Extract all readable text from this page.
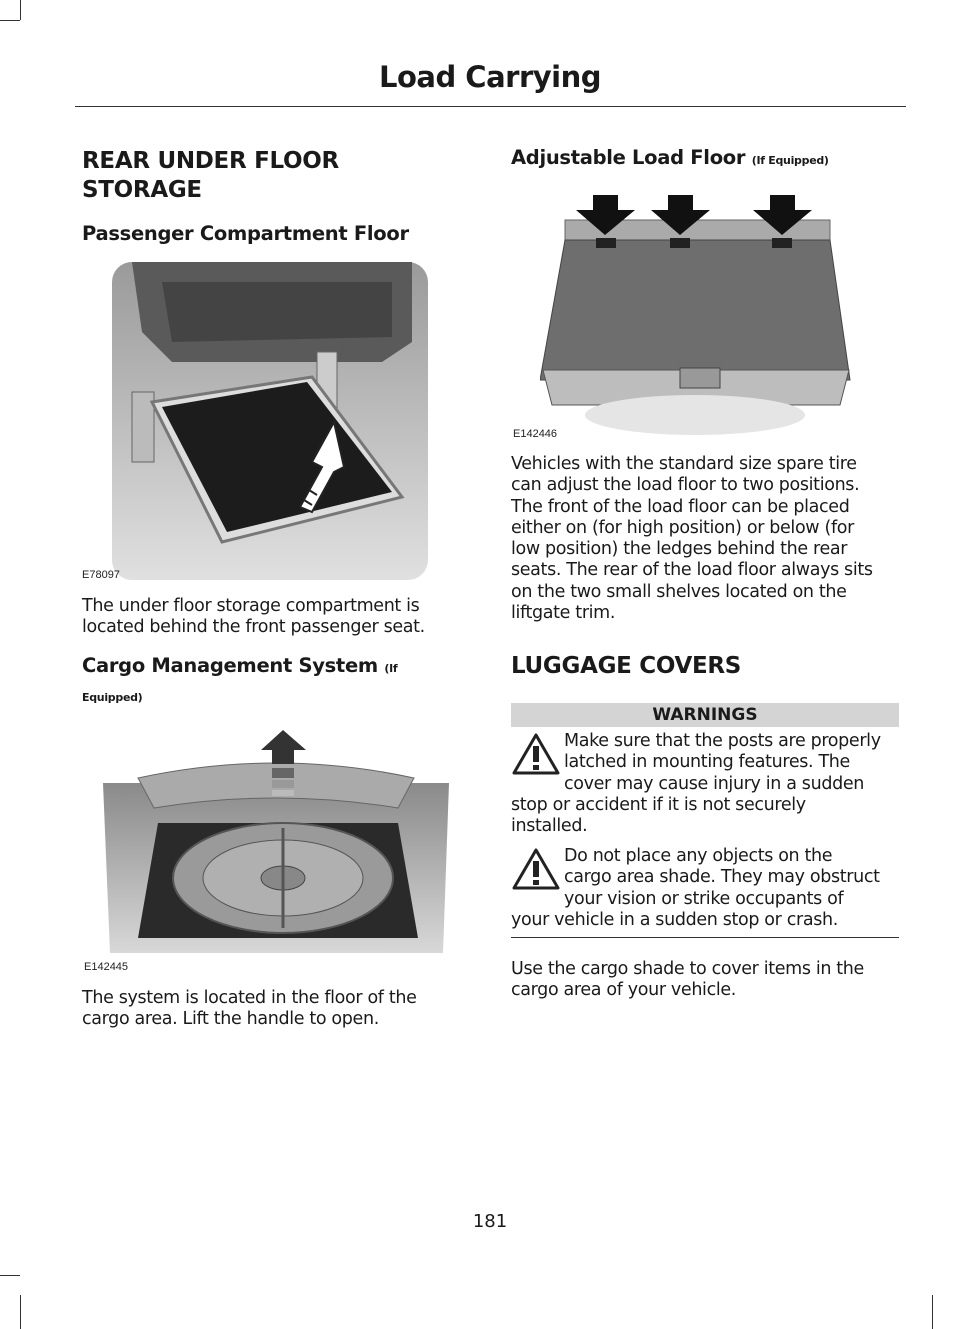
Load Carrying
REAR UNDER FLOOR
STORAGE
Passenger Compartment Floor
E78097
The under floor storage compartment is
located behind the front passenger seat.
Cargo Management System (If
Equipped)
E142445
The system is located in the floor of the
cargo area. Lift the handle to open.
Adjustable Load Floor (If Equipped)
E142446
Vehicles with the standard size spare tire
can adjust the load floor to two positions.
The front of the load floor can be placed
either on (for high position) or below (for
low position) the ledges behind the rear
seats. The rear of the load floor always sits
on the two small shelves located on the
liftgate trim.
LUGGAGE COVERS
WARNINGS
Make sure that the posts are properly
latched in mounting features. The
cover may cause injury in a sudden
stop or accident if it is not securely
installed.
Do not place any objects on the
cargo area shade. They may obstruct
your vision or strike occupants of
your vehicle in a sudden stop or crash.
Use the cargo shade to cover items in the
cargo area of your vehicle.
181
